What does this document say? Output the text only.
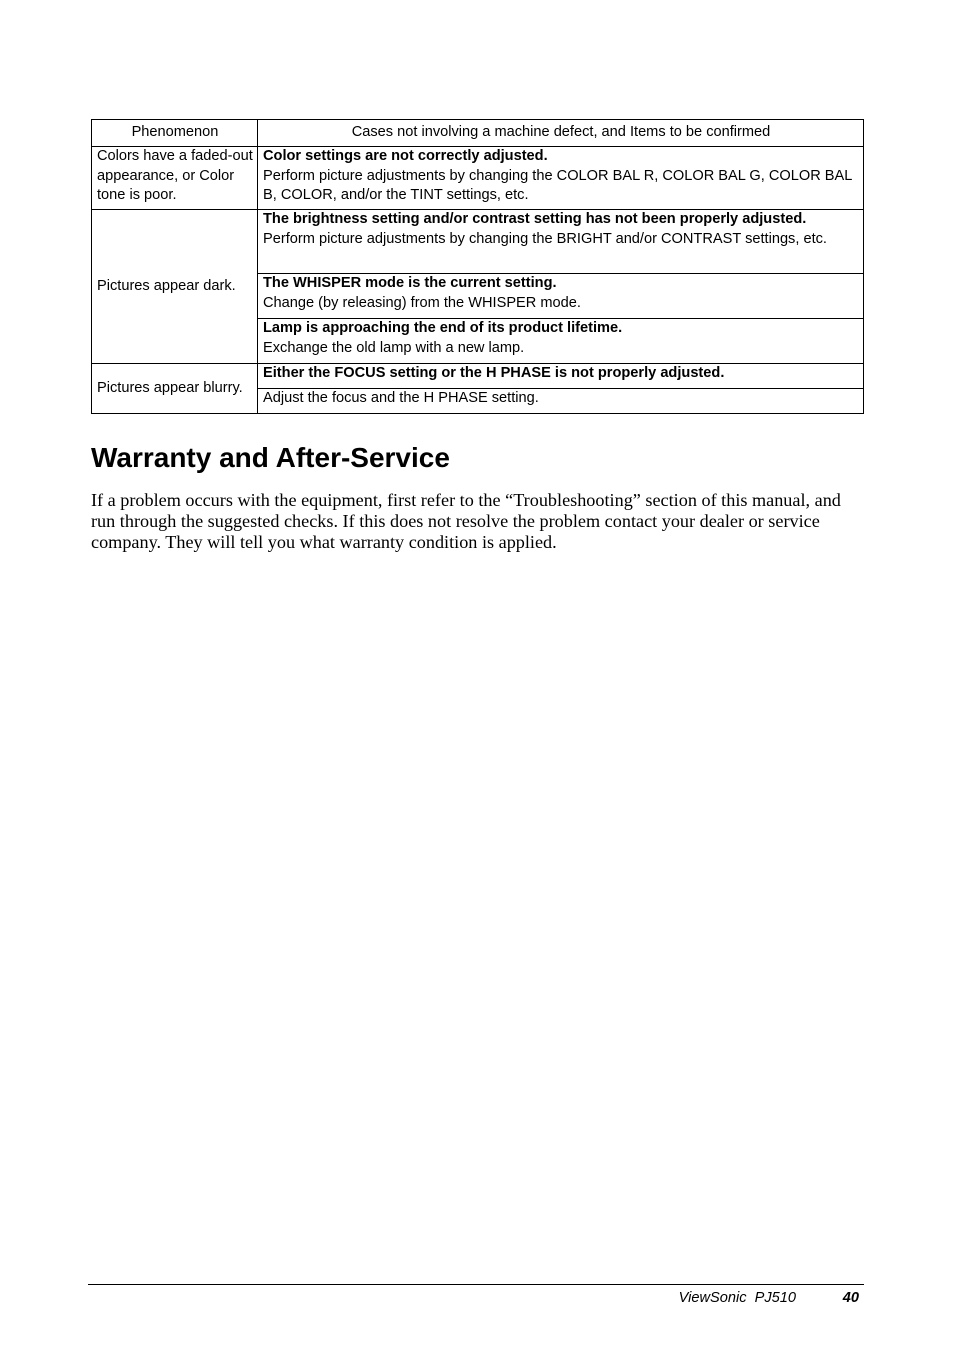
Phenomenon	Cases not involving a machine defect, and Items to be confirmed
Colors have a faded-out appearance, or Color tone is poor.	Color settings are not correctly adjusted.
Perform picture adjustments by changing the COLOR BAL R, COLOR BAL G, COLOR BAL B, COLOR, and/or the TINT settings, etc.

Pictures appear dark.	The brightness setting and/or contrast setting has not been properly adjusted.
Perform picture adjustments by changing the BRIGHT and/or CONTRAST settings, etc.

	The WHISPER mode is the current setting.
Change (by releasing) from the WHISPER mode.

	Lamp is approaching the end of its product lifetime.
Exchange the old lamp with a new lamp.

Pictures appear blurry.	Either the FOCUS setting or the H PHASE is not properly adjusted.

	Adjust the focus and the H PHASE setting.
Warranty and After-Service

If a problem occurs with the equipment, first refer to the “Troubleshooting” section of this manual, and run through the suggested checks. If this does not resolve the problem contact your dealer or service company. They will tell you what warranty condition is applied.

ViewSonic  PJ510	40
